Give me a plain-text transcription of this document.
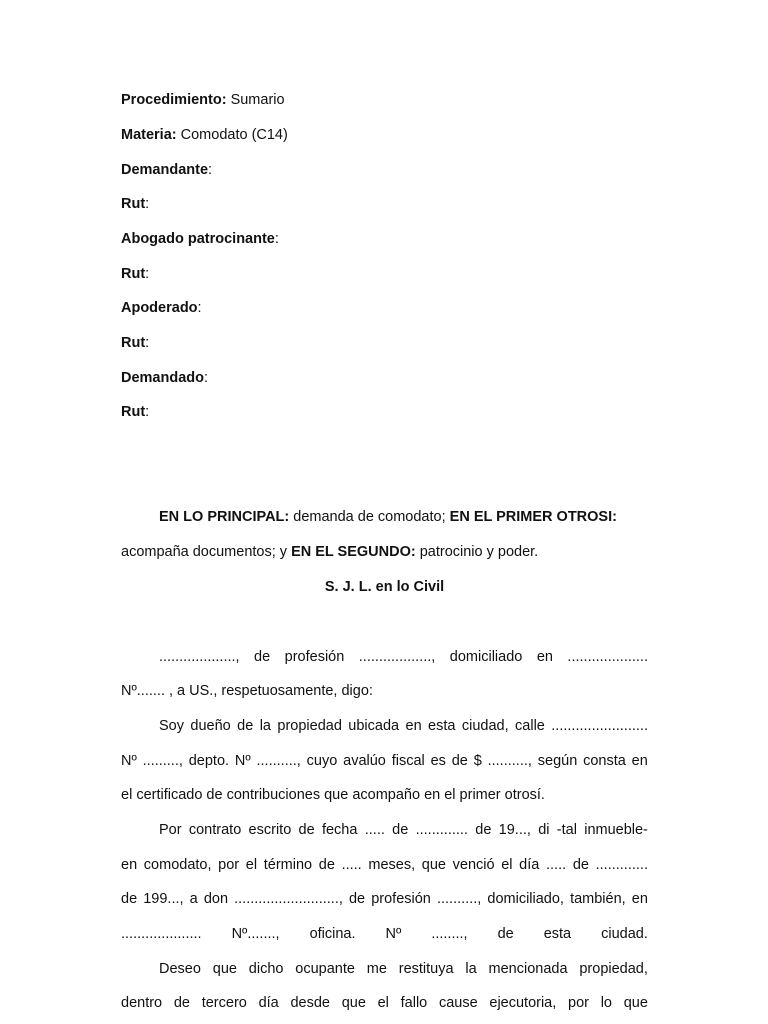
Procedimiento: Sumario
Materia: Comodato (C14)
Demandante:
Rut:
Abogado patrocinante:
Rut:
Apoderado:
Rut:
Demandado:
Rut:
EN LO PRINCIPAL: demanda de comodato; EN EL PRIMER OTROSI:
acompaña documentos; y EN EL SEGUNDO: patrocinio y poder.
S. J. L. en lo Civil
..................., de profesión .................., domiciliado en ....................
Nº....... , a US., respetuosamente, digo:
Soy dueño de la propiedad ubicada en esta ciudad, calle ........................
Nº ........., depto. Nº .........., cuyo avalúo fiscal es de $ .........., según consta en
el certificado de contribuciones que acompaño en el primer otrosí.
Por contrato escrito de fecha ..... de ............. de 19..., di -tal inmueble-
en comodato, por el término de ..... meses, que venció el día ..... de .............
de 199..., a don .........................., de profesión .........., domiciliado, también, en
.................... Nº......., oficina. Nº ........, de esta ciudad.
Deseo que dicho ocupante me restituya la mencionada propiedad,
dentro de tercero día desde que el fallo cause ejecutoria, por lo que
